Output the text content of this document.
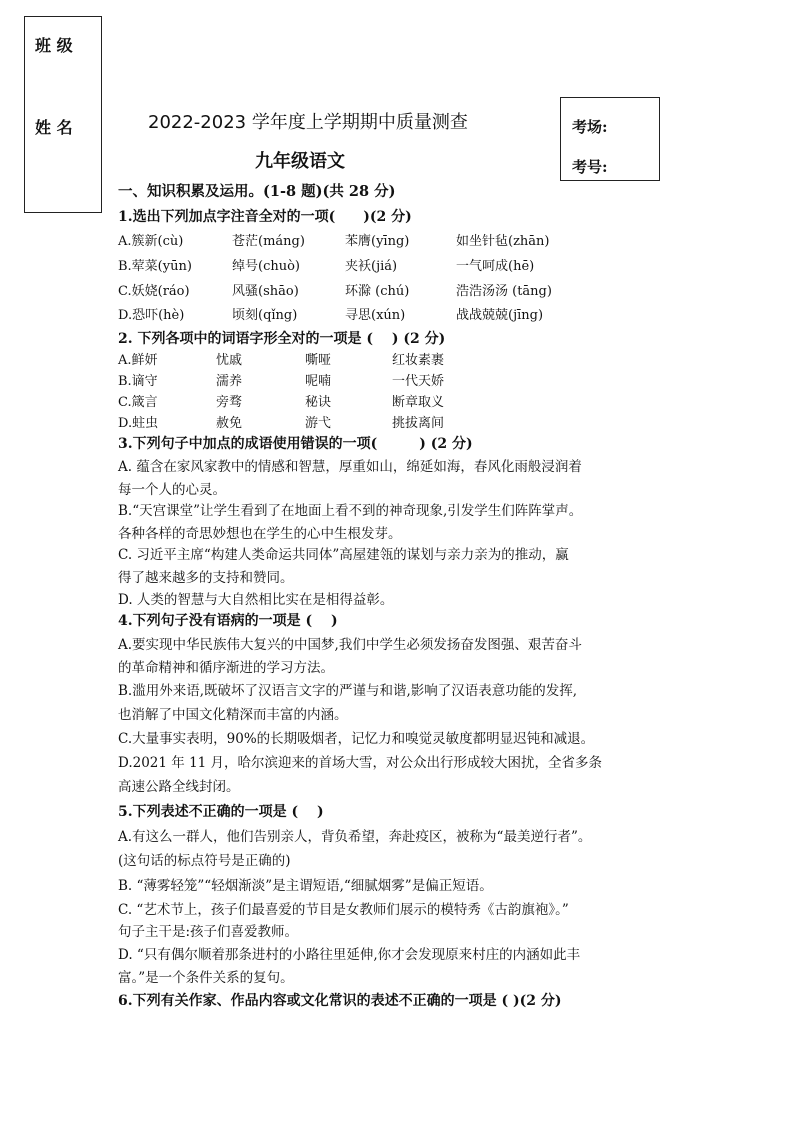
班 级
姓 名	2022-2023 学年度上学期期中质量测查
九年级语文
考场:
考号:
一、知识积累及运用。(1-8 题)(共 28 分)
1.选出下列加点字注音全对的一项(　　)(2 分)
A.簇新(cù)	苍茫(máng)	苯膺(yīng)	如坐针毡(zhān)
B.荤菜(yūn)	绰号(chuò)	夹袄(jiá)	一气呵成(hē)
C.妖娆(ráo)	风骚(shāo)	环滁 (chú)	浩浩汤汤 (tāng)
D.恐吓(hè)	顷刻(qǐng)	寻思(xún)	战战兢兢(jīng)
2. 下列各项中的词语字形全对的一项是 (　 ) (2 分)
A.鲜妍	忧戚	嘶哑	红妆素裹
B.谪守	濡养	呢喃	一代天娇
C.箴言	旁骛	秘诀	断章取义
D.蛀虫	赦免	游弋	挑拔离间
3.下列句子中加点的成语使用错误的一项(　　　) (2 分)
A. 蕴含在家风家教中的情感和智慧，厚重如山，绵延如海，春风化雨般浸润着
每一个人的心灵。
B.“天宫课堂”让学生看到了在地面上看不到的神奇现象,引发学生们阵阵掌声。
各种各样的奇思妙想也在学生的心中生根发芽。
C. 习近平主席“构建人类命运共同体”高屋建瓴的谋划与亲力亲为的推动，赢
得了越来越多的支持和赞同。
D. 人类的智慧与大自然相比实在是相得益彰。
4.下列句子没有语病的一项是 (　 )
A.要实现中华民族伟大复兴的中国梦,我们中学生必须发扬奋发图强、艰苦奋斗
的革命精神和循序渐进的学习方法。
B.滥用外来语,既破坏了汉语言文字的严谨与和谐,影响了汉语表意功能的发挥,
也消解了中国文化精深而丰富的内涵。
C.大量事实表明，90%的长期吸烟者，记忆力和嗅觉灵敏度都明显迟钝和减退。
D.2021 年 11 月，哈尔滨迎来的首场大雪，对公众出行形成较大困扰，全省多条
高速公路全线封闭。
5.下列表述不正确的一项是 (　 )
A.有这么一群人，他们告别亲人，背负希望，奔赴疫区，被称为“最美逆行者”。
(这句话的标点符号是正确的)
B. “薄雾轻笼”“轻烟渐淡”是主谓短语,“细腻烟雾”是偏正短语。
C. “艺术节上，孩子们最喜爱的节目是女教师们展示的模特秀《古韵旗袍》。”
句子主干是:孩子们喜爱教师。
D. “只有偶尔顺着那条进村的小路往里延伸,你才会发现原来村庄的内涵如此丰
富。”是一个条件关系的复句。
6.下列有关作家、作品内容或文化常识的表述不正确的一项是 ( )(2 分)
